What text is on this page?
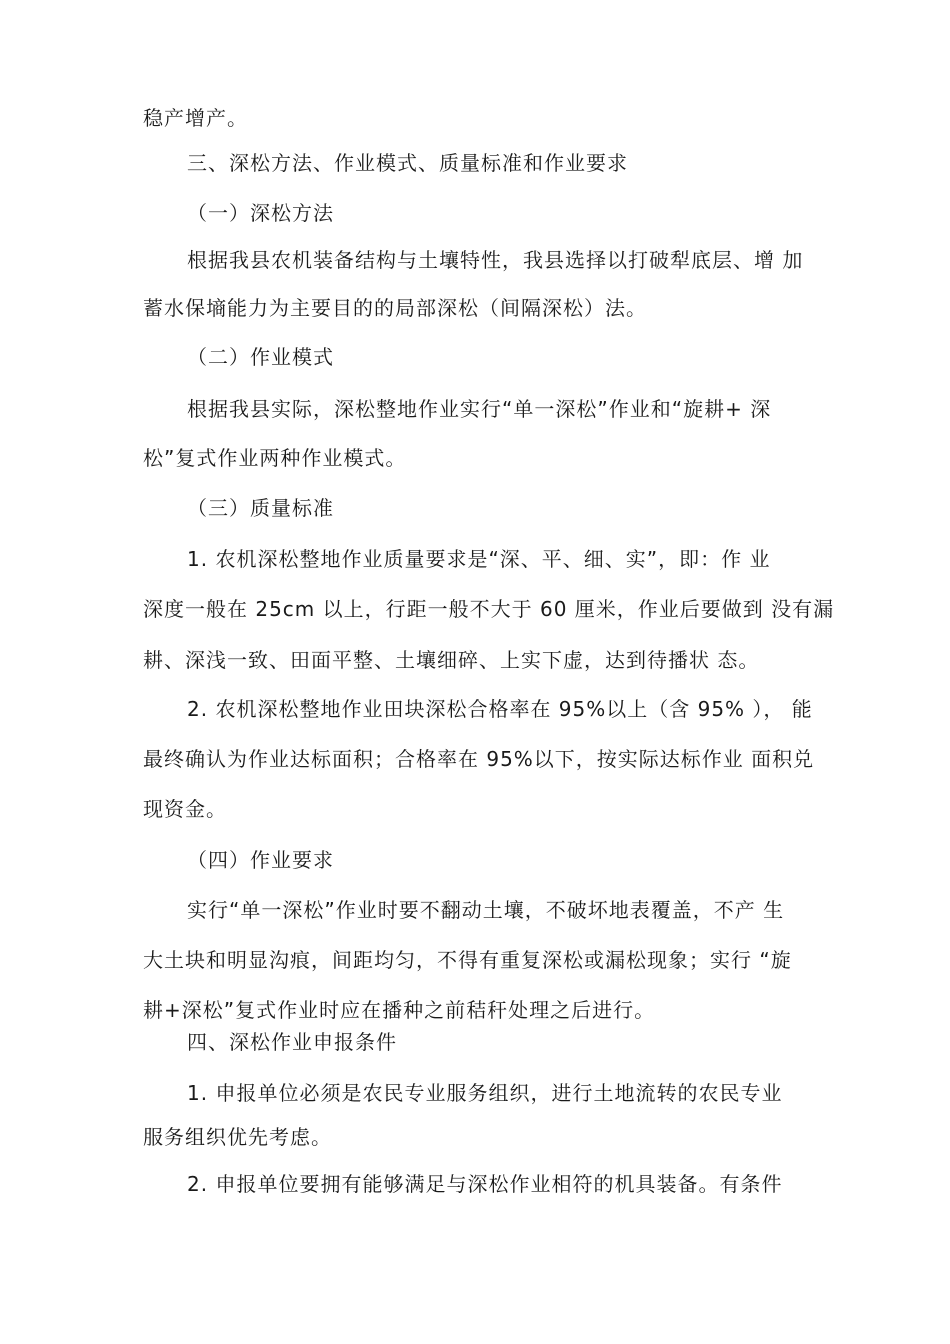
稳产增产。
三、深松方法、作业模式、质量标准和作业要求
（一）深松方法
根据我县农机装备结构与土壤特性，我县选择以打破犁底层、增 加
蓄水保墒能力为主要目的的局部深松（间隔深松）法。
（二）作业模式
根据我县实际，深松整地作业实行“单一深松”作业和“旋耕+ 深
松”复式作业两种作业模式。
（三）质量标准
1. 农机深松整地作业质量要求是“深、平、细、实”，即：作 业
深度一般在 25cm 以上，行距一般不大于 60 厘米，作业后要做到 没有漏
耕、深浅一致、田面平整、土壤细碎、上实下虚，达到待播状 态。
2. 农机深松整地作业田块深松合格率在 95%以上（含 95% ）， 能
最终确认为作业达标面积；合格率在 95%以下，按实际达标作业 面积兑
现资金。
（四）作业要求
实行“单一深松”作业时要不翻动土壤，不破坏地表覆盖，不产 生
大土块和明显沟痕，间距均匀，不得有重复深松或漏松现象；实行 “旋
耕+深松”复式作业时应在播种之前秸秆处理之后进行。
四、深松作业申报条件
1. 申报单位必须是农民专业服务组织，进行土地流转的农民专业
服务组织优先考虑。
2. 申报单位要拥有能够满足与深松作业相符的机具装备。有条件
